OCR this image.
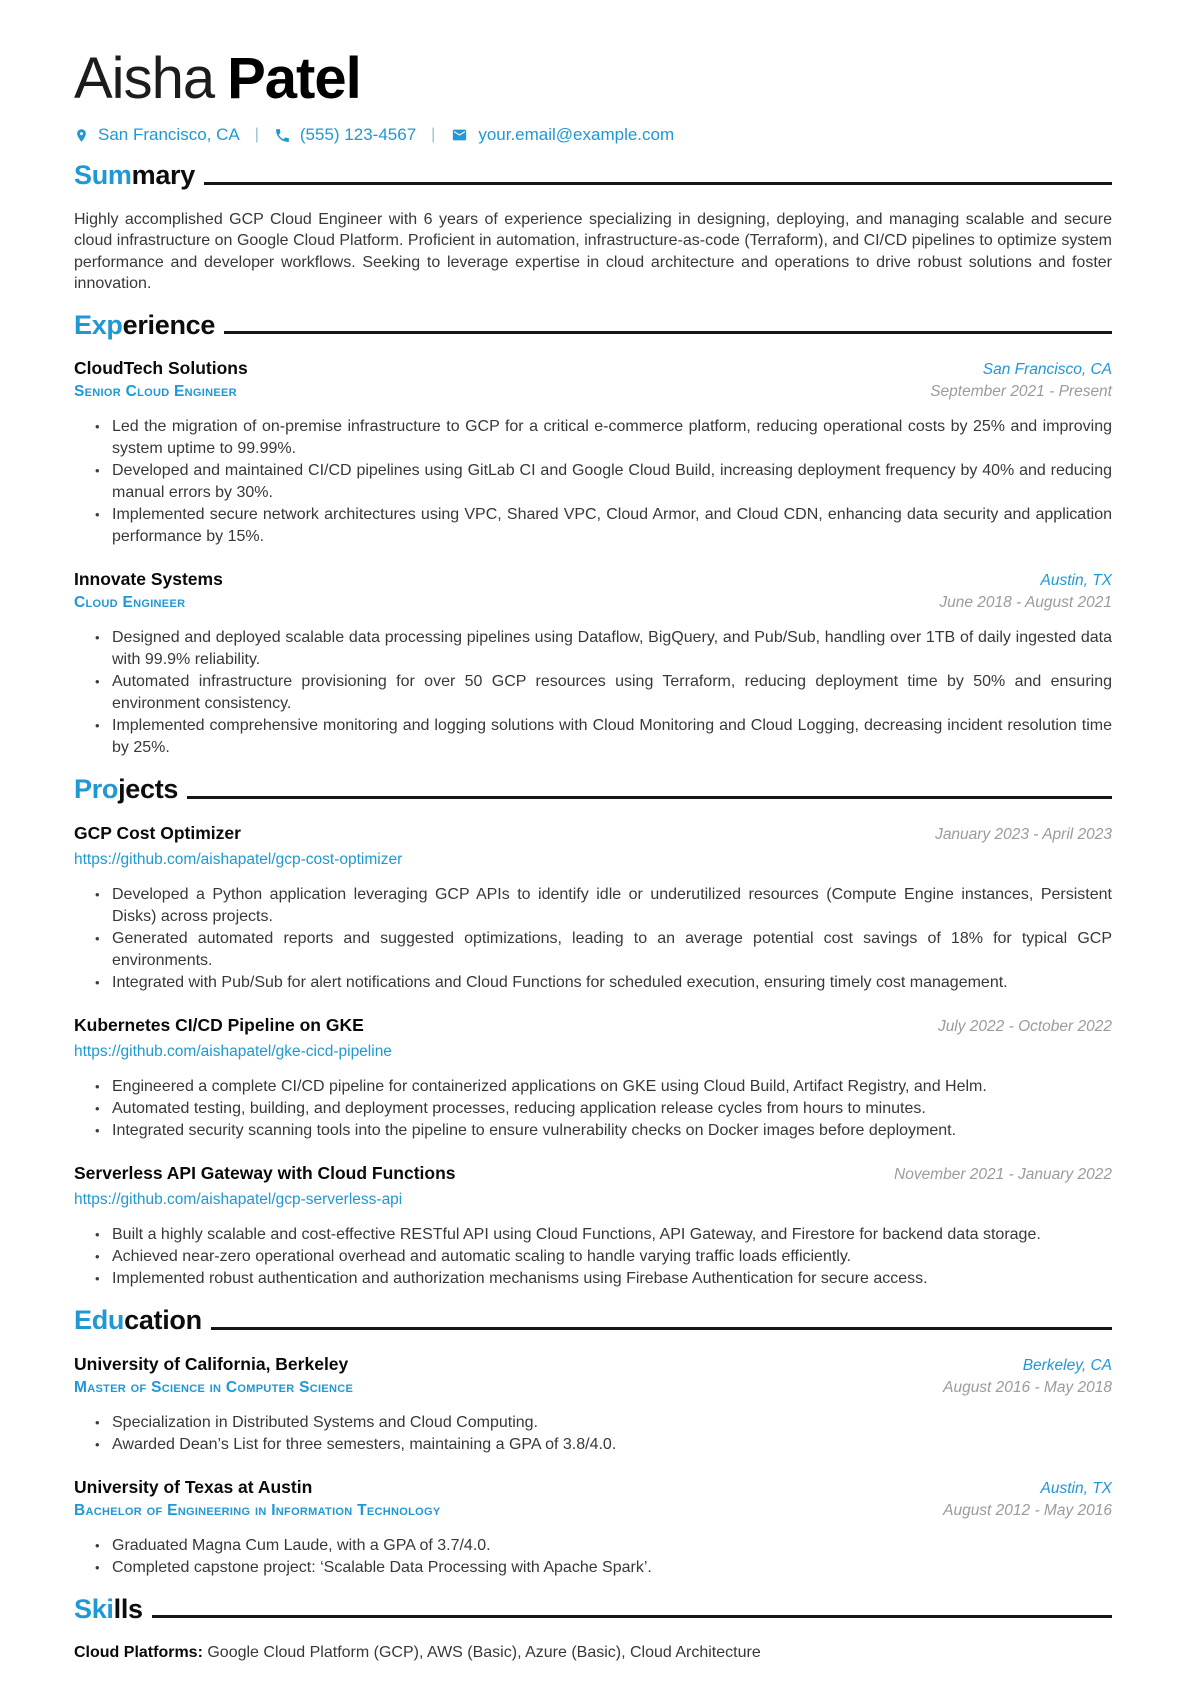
Aisha Patel
San Francisco, CA | (555) 123-4567 |	your.email@example.com
Sum mary

Highly accomplished GCP Cloud Engineer with 6 years of experience specializing in designing, deploying, and managing scalable and secure cloud infrastructure on Google Cloud Platform. Proficient in automation, infrastructure-as-code (Terraform), and CI/CD pipelines to optimize system performance and developer workflows. Seeking to leverage expertise in cloud architecture and operations to drive robust solutions and foster innovation.

Exp erience
CloudTech Solutions	San Francisco, CA
Senior Cloud Engineer	September 2021 - Present
• Led the migration of on-premise infrastructure to GCP for a critical e-commerce platform, reducing operational costs by 25% and improving system uptime to 99.99%.
• Developed and maintained CI/CD pipelines using GitLab CI and Google Cloud Build, increasing deployment frequency by 40% and reducing manual errors by 30%.
• Implemented secure network architectures using VPC, Shared VPC, Cloud Armor, and Cloud CDN, enhancing data security and application performance by 15%.
Innovate Systems	Austin, TX
Cloud Engineer	June 2018 - August 2021
• Designed and deployed scalable data processing pipelines using Dataflow, BigQuery, and Pub/Sub, handling over 1TB of daily ingested data with 99.9% reliability.
• Automated infrastructure provisioning for over 50 GCP resources using Terraform, reducing deployment time by 50% and ensuring environment consistency.
• Implemented comprehensive monitoring and logging solutions with Cloud Monitoring and Cloud Logging, decreasing incident resolution time by 25%.
Pro jects
GCP Cost Optimizer	January 2023 - April 2023
https://github.com/aishapatel/gcp-cost-optimizer
• Developed a Python application leveraging GCP APIs to identify idle or underutilized resources (Compute Engine instances, Persistent Disks) across projects.
• Generated automated reports and suggested optimizations, leading to an average potential cost savings of 18% for typical GCP environments.
• Integrated with Pub/Sub for alert notifications and Cloud Functions for scheduled execution, ensuring timely cost management.
Kubernetes CI/CD Pipeline on GKE	July 2022 - October 2022
https://github.com/aishapatel/gke-cicd-pipeline
• Engineered a complete CI/CD pipeline for containerized applications on GKE using Cloud Build, Artifact Registry, and Helm.
• Automated testing, building, and deployment processes, reducing application release cycles from hours to minutes.
• Integrated security scanning tools into the pipeline to ensure vulnerability checks on Docker images before deployment.
Serverless API Gateway with Cloud Functions	November 2021 - January 2022
https://github.com/aishapatel/gcp-serverless-api
• Built a highly scalable and cost-effective RESTful API using Cloud Functions, API Gateway, and Firestore for backend data storage.
• Achieved near-zero operational overhead and automatic scaling to handle varying traffic loads efficiently.
• Implemented robust authentication and authorization mechanisms using Firebase Authentication for secure access.
Edu cation
University of California, Berkeley	Berkeley, CA
Master of Science in Computer Science	August 2016 - May 2018
• Specialization in Distributed Systems and Cloud Computing.
• Awarded Dean’s List for three semesters, maintaining a GPA of 3.8/4.0.
University of Texas at Austin	Austin, TX
Bachelor of Engineering in Information Technology	August 2012 - May 2016
• Graduated Magna Cum Laude, with a GPA of 3.7/4.0.
• Completed capstone project: ‘Scalable Data Processing with Apache Spark’.
Ski lls

Cloud Platforms: Google Cloud Platform (GCP), AWS (Basic), Azure (Basic), Cloud Architecture
